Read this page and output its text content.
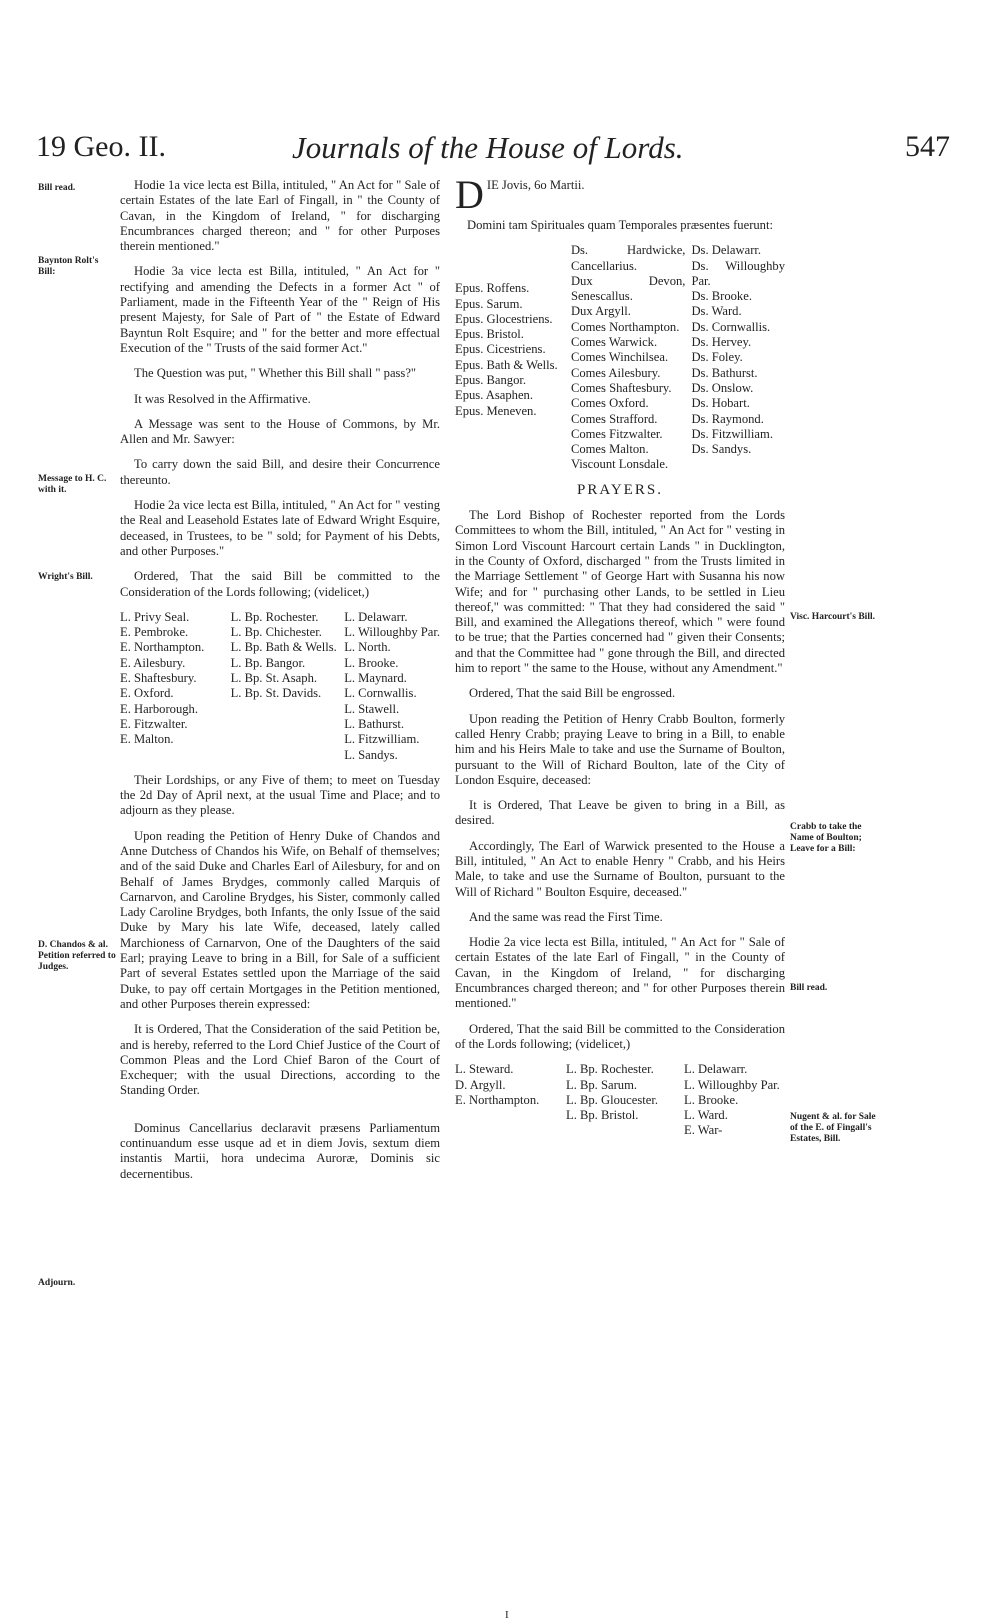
19 Geo. II.	Journals of the House of Lords.	547
Bill read.
Baynton Rolt's Bill:
Message to H. C. with it.
Wright's Bill.
D. Chandos & al. Petition referred to Judges.
Adjourn.
Visc. Harcourt's Bill.
Crabb to take the Name of Boulton; Leave for a Bill:
Bill read.
Nugent & al. for Sale of the E. of Fingall's Estates, Bill.

Hodie 1a vice lecta est Billa, intituled, " An Act for " Sale of certain Estates of the late Earl of Fingall, in " the County of Cavan, in the Kingdom of Ireland, " for discharging Encumbrances charged thereon; and " for other Purposes therein mentioned."

Hodie 3a vice lecta est Billa, intituled, " An Act for " rectifying and amending the Defects in a former Act " of Parliament, made in the Fifteenth Year of the " Reign of His present Majesty, for Sale of Part of " the Estate of Edward Bayntun Rolt Esquire; and " for the better and more effectual Execution of the " Trusts of the said former Act."

The Question was put, " Whether this Bill shall " pass?"

It was Resolved in the Affirmative.

A Message was sent to the House of Commons, by Mr. Allen and Mr. Sawyer:

To carry down the said Bill, and desire their Concurrence thereunto.

Hodie 2a vice lecta est Billa, intituled, " An Act for " vesting the Real and Leasehold Estates late of Edward Wright Esquire, deceased, in Trustees, to be " sold; for Payment of his Debts, and other Purposes."

Ordered, That the said Bill be committed to the Consideration of the Lords following; (videlicet,)

L. Privy Seal.
E. Pembroke.
E. Northampton.
E. Ailesbury.
E. Shaftesbury.
E. Oxford.
E. Harborough.
E. Fitzwalter.
E. Malton.
L. Bp. Rochester.
L. Bp. Chichester.
L. Bp. Bath & Wells.
L. Bp. Bangor.
L. Bp. St. Asaph.
L. Bp. St. Davids.
L. Delawarr.
L. Willoughby Par.
L. North.
L. Brooke.
L. Maynard.
L. Cornwallis.
L. Stawell.
L. Bathurst.
L. Fitzwilliam.
L. Sandys.

Their Lordships, or any Five of them; to meet on Tuesday the 2d Day of April next, at the usual Time and Place; and to adjourn as they please.

Upon reading the Petition of Henry Duke of Chandos and Anne Dutchess of Chandos his Wife, on Behalf of themselves; and of the said Duke and Charles Earl of Ailesbury, for and on Behalf of James Brydges, commonly called Marquis of Carnarvon, and Caroline Brydges, his Sister, commonly called Lady Caroline Brydges, both Infants, the only Issue of the said Duke by Mary his late Wife, deceased, lately called Marchioness of Carnarvon, One of the Daughters of the said Earl; praying Leave to bring in a Bill, for Sale of a sufficient Part of several Estates settled upon the Marriage of the said Duke, to pay off certain Mortgages in the Petition mentioned, and other Purposes therein expressed:

It is Ordered, That the Consideration of the said Petition be, and is hereby, referred to the Lord Chief Justice of the Court of Common Pleas and the Lord Chief Baron of the Court of Exchequer; with the usual Directions, according to the Standing Order.

Dominus Cancellarius declaravit præsens Parliamentum continuandum esse usque ad et in diem Jovis, sextum diem instantis Martii, hora undecima Auroræ, Dominis sic decernentibus.

DIE Jovis, 6o Martii.

Domini tam Spirituales quam Temporales præsentes fuerunt:

Epus. Roffens.
Epus. Sarum.
Epus. Glocestriens.
Epus. Bristol.
Epus. Cicestriens.
Epus. Bath & Wells.
Epus. Bangor.
Epus. Asaphen.
Epus. Meneven.
Ds. Hardwicke, Cancellarius.
Dux Devon, Senescallus.
Dux Argyll.
Comes Northampton.
Comes Warwick.
Comes Winchilsea.
Comes Ailesbury.
Comes Shaftesbury.
Comes Oxford.
Comes Strafford.
Comes Fitzwalter.
Comes Malton.
Viscount Lonsdale.
Ds. Delawarr.
Ds. Willoughby Par.
Ds. Brooke.
Ds. Ward.
Ds. Cornwallis.
Ds. Hervey.
Ds. Foley.
Ds. Bathurst.
Ds. Onslow.
Ds. Hobart.
Ds. Raymond.
Ds. Fitzwilliam.
Ds. Sandys.
PRAYERS.

The Lord Bishop of Rochester reported from the Lords Committees to whom the Bill, intituled, " An Act for " vesting in Simon Lord Viscount Harcourt certain Lands " in Ducklington, in the County of Oxford, discharged " from the Trusts limited in the Marriage Settlement " of George Hart with Susanna his now Wife; and for " purchasing other Lands, to be settled in Lieu thereof," was committed: " That they had considered the said " Bill, and examined the Allegations thereof, which " were found to be true; that the Parties concerned had " given their Consents; and that the Committee had " gone through the Bill, and directed him to report " the same to the House, without any Amendment."

Ordered, That the said Bill be engrossed.

Upon reading the Petition of Henry Crabb Boulton, formerly called Henry Crabb; praying Leave to bring in a Bill, to enable him and his Heirs Male to take and use the Surname of Boulton, pursuant to the Will of Richard Boulton, late of the City of London Esquire, deceased:

It is Ordered, That Leave be given to bring in a Bill, as desired.

Accordingly, The Earl of Warwick presented to the House a Bill, intituled, " An Act to enable Henry " Crabb, and his Heirs Male, to take and use the Surname of Boulton, pursuant to the Will of Richard " Boulton Esquire, deceased."

And the same was read the First Time.

Hodie 2a vice lecta est Billa, intituled, " An Act for " Sale of certain Estates of the late Earl of Fingall, " in the County of Cavan, in the Kingdom of Ireland, " for discharging Encumbrances charged thereon; and " for other Purposes therein mentioned."

Ordered, That the said Bill be committed to the Consideration of the Lords following; (videlicet,)

L. Steward.
D. Argyll.
E. Northampton.
L. Bp. Rochester.
L. Bp. Sarum.
L. Bp. Gloucester.
L. Bp. Bristol.
L. Delawarr.
L. Willoughby Par.
L. Brooke.
L. Ward.
E. War-
I
